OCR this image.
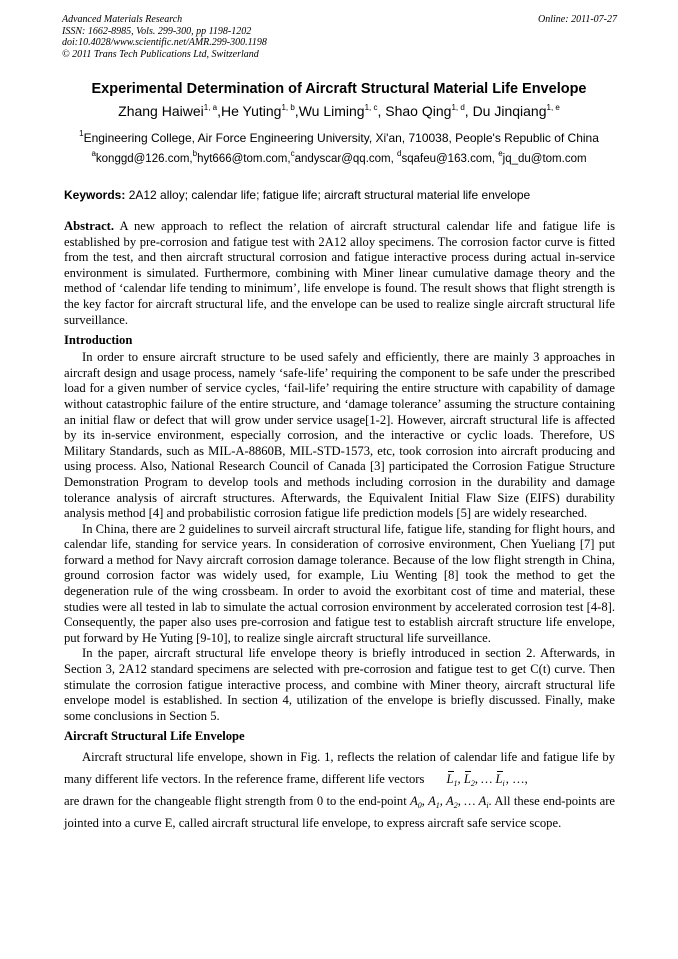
Advanced Materials Research
ISSN: 1662-8985, Vols. 299-300, pp 1198-1202
doi:10.4028/www.scientific.net/AMR.299-300.1198
© 2011 Trans Tech Publications Ltd, Switzerland
Online: 2011-07-27
Experimental Determination of Aircraft Structural Material Life Envelope
Zhang Haiwei$^{1, a}$,He Yuting$^{1, b}$,Wu Liming$^{1, c}$, Shao Qing$^{1, d}$, Du Jinqiang$^{1, e}$
$^1$Engineering College, Air Force Engineering University, Xi'an, 710038, People's Republic of China
$^a$konggd@126.com,$^b$hyt666@tom.com,$^c$andyscar@qq.com, $^d$sqafeu@163.com, $^e$jq_du@tom.com
Keywords: 2A12 alloy; calendar life; fatigue life; aircraft structural material life envelope

Abstract. A new approach to reflect the relation of aircraft structural calendar life and fatigue life is established by pre-corrosion and fatigue test with 2A12 alloy specimens. The corrosion factor curve is fitted from the test, and then aircraft structural corrosion and fatigue interactive process during actual in-service environment is simulated. Furthermore, combining with Miner linear cumulative damage theory and the method of ‘calendar life tending to minimum’, life envelope is found. The result shows that flight strength is the key factor for aircraft structural life, and the envelope can be used to realize single aircraft structural life surveillance.

Introduction

In order to ensure aircraft structure to be used safely and efficiently, there are mainly 3 approaches in aircraft design and usage process, namely ‘safe-life’ requiring the component to be safe under the prescribed load for a given number of service cycles, ‘fail-life’ requiring the entire structure with capability of damage without catastrophic failure of the entire structure, and ‘damage tolerance’ assuming the structure containing an initial flaw or defect that will grow under service usage[1-2]. However, aircraft structural life is affected by its in-service environment, especially corrosion, and the interactive or cyclic loads. Therefore, US Military Standards, such as MIL-A-8860B, MIL-STD-1573, etc, took corrosion into aircraft producing and using process. Also, National Research Council of Canada [3] participated the Corrosion Fatigue Structure Demonstration Program to develop tools and methods including corrosion in the durability and damage tolerance analysis of aircraft structures. Afterwards, the Equivalent Initial Flaw Size (EIFS) durability analysis method [4] and probabilistic corrosion fatigue life prediction models [5] are widely researched.

In China, there are 2 guidelines to surveil aircraft structural life, fatigue life, standing for flight hours, and calendar life, standing for service years. In consideration of corrosive environment, Chen Yueliang [7] put forward a method for Navy aircraft corrosion damage tolerance. Because of the low flight strength in China, ground corrosion factor was widely used, for example, Liu Wenting [8] took the method to get the degeneration rule of the wing crossbeam. In order to avoid the exorbitant cost of time and material, these studies were all tested in lab to simulate the actual corrosion environment by accelerated corrosion test [4-8]. Consequently, the paper also uses pre-corrosion and fatigue test to establish aircraft structure life envelope, put forward by He Yuting [9-10], to realize single aircraft structural life surveillance.

In the paper, aircraft structural life envelope theory is briefly introduced in section 2. Afterwards, in Section 3, 2A12 standard specimens are selected with pre-corrosion and fatigue test to get C(t) curve. Then stimulate the corrosion fatigue interactive process, and combine with Miner theory, aircraft structural life envelope model is established. In section 4, utilization of the envelope is briefly discussed. Finally, make some conclusions in Section 5.

Aircraft Structural Life Envelope

Aircraft structural life envelope, shown in Fig. 1, reflects the relation of calendar life and fatigue life by many different life vectors. In the reference frame, different life vectors $L_1$, $L_2$, … $L_i$, …,

are drawn for the changeable flight strength from 0 to the end-point $A_0$, $A_1$, $A_2$, … $A_i$. All these end-points are jointed into a curve E, called aircraft structural life envelope, to express aircraft safe service scope.
